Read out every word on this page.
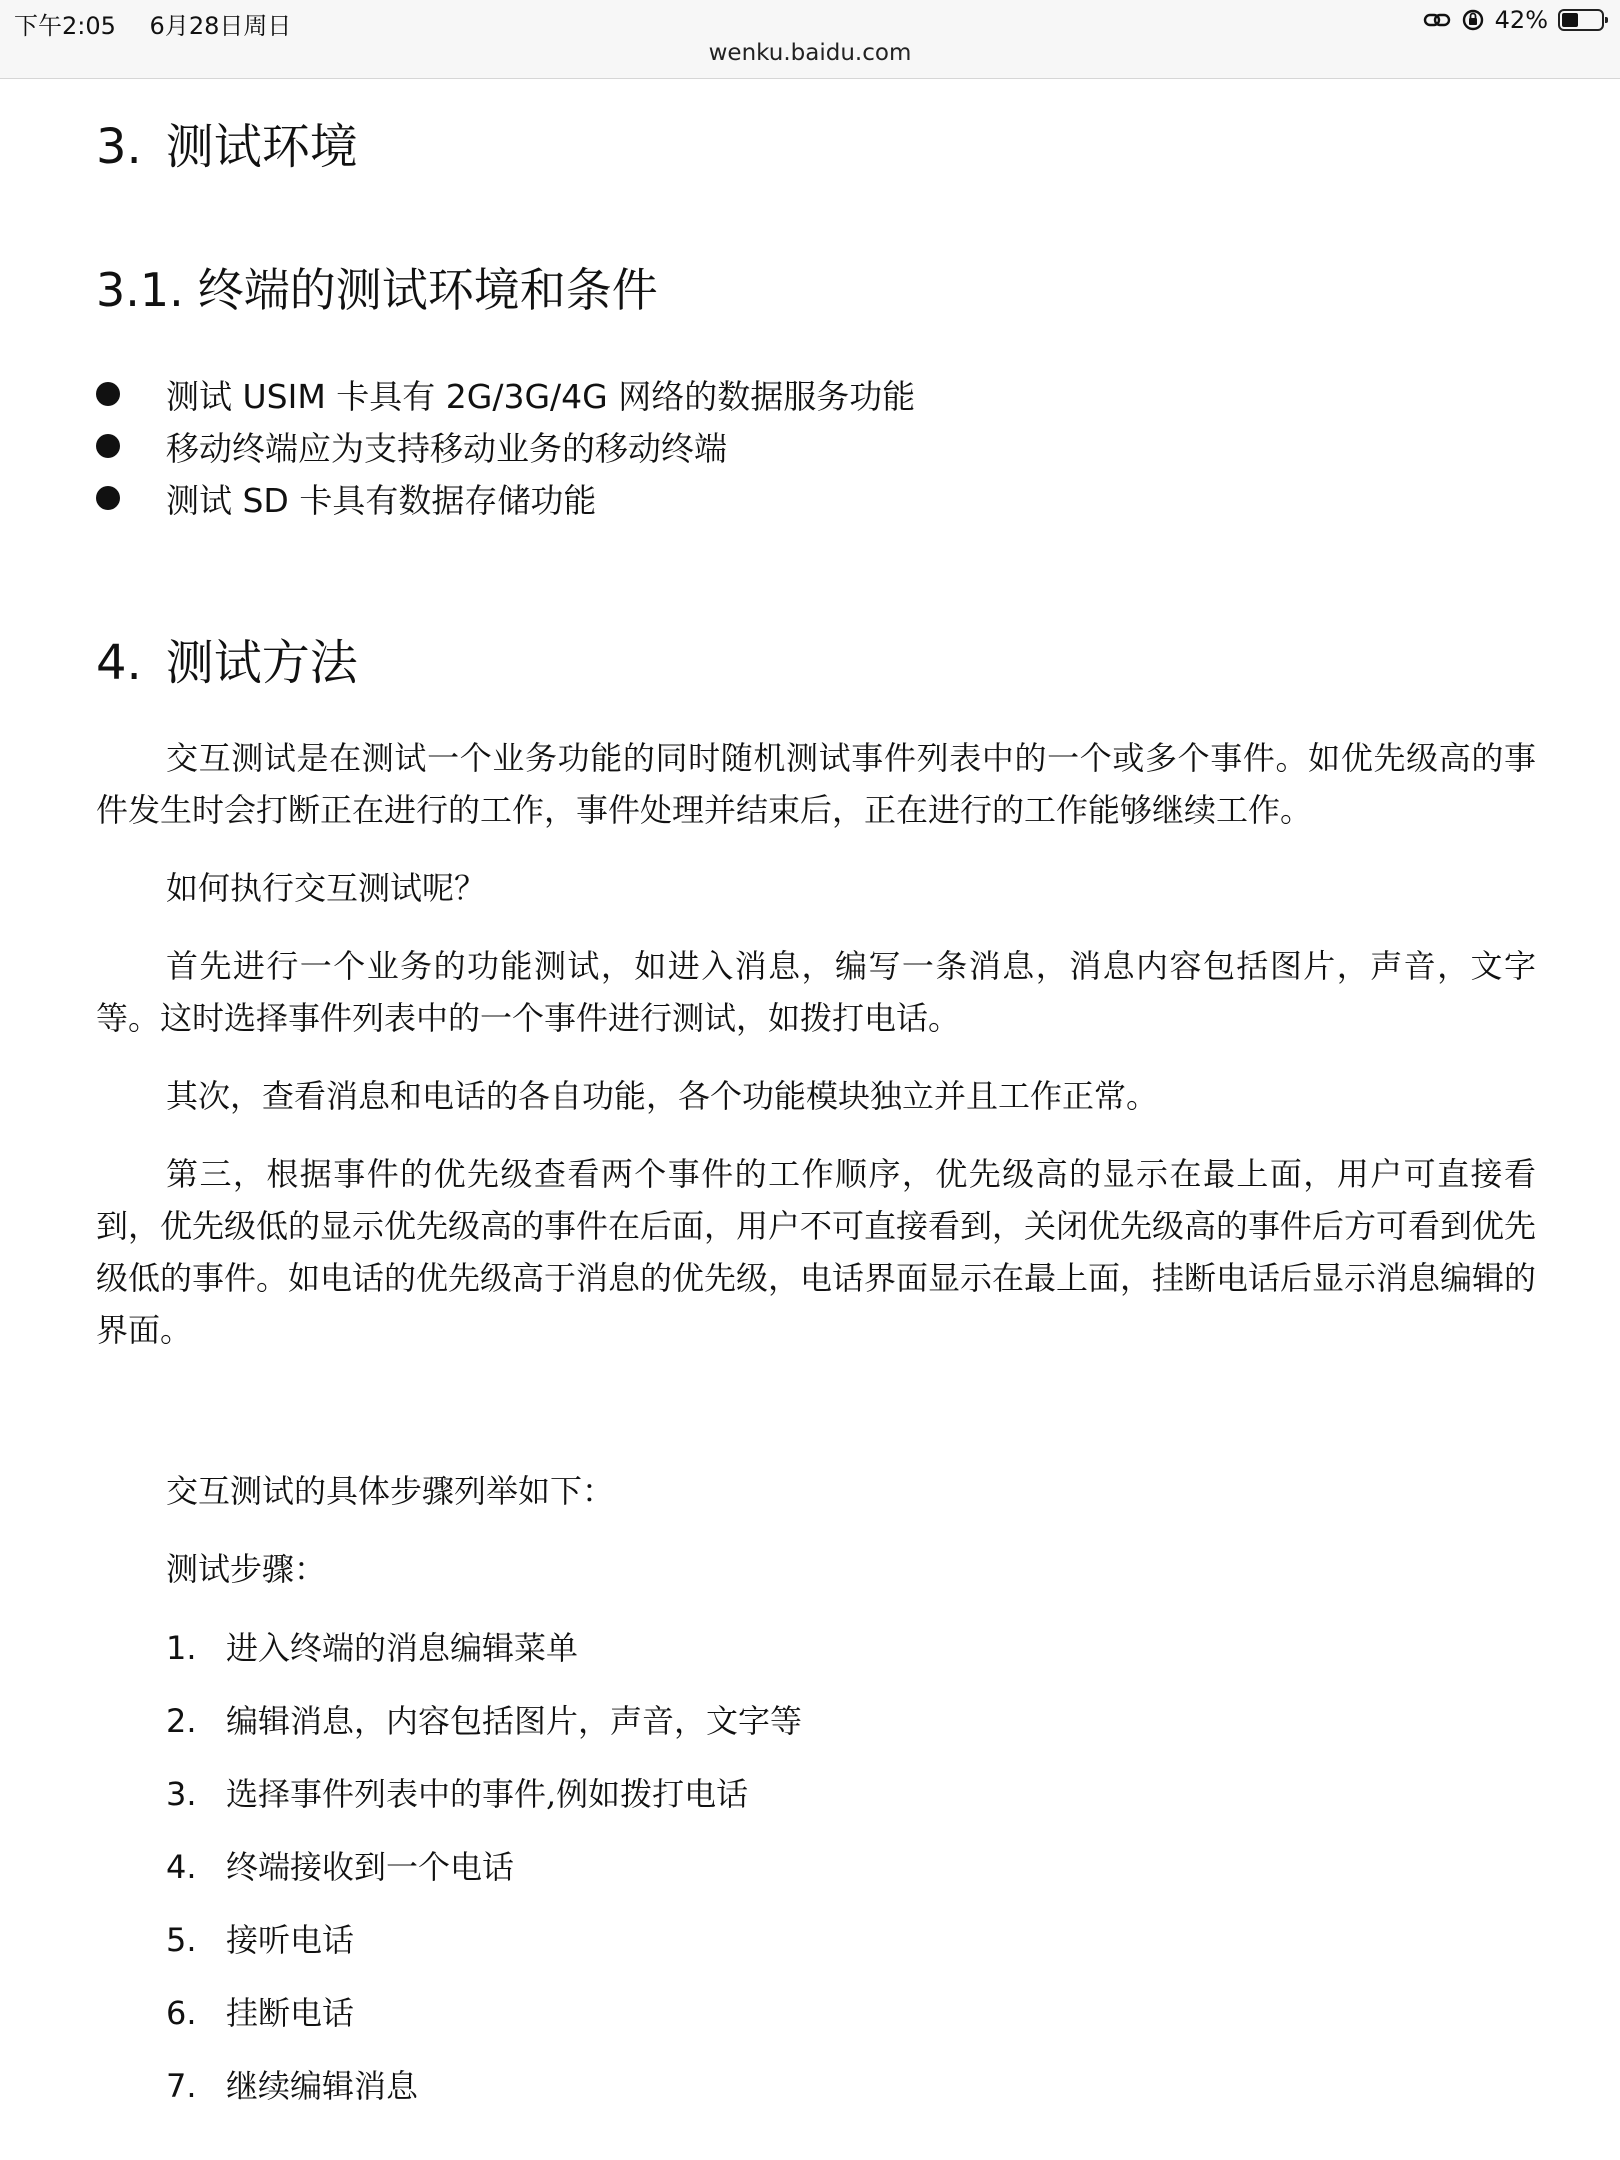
下午2:05 6月28日周日	42%
wenku.baidu.com
3. 测试环境
3.1. 终端的测试环境和条件
测试 USIM 卡具有 2G/3G/4G 网络的数据服务功能
移动终端应为支持移动业务的移动终端
测试 SD 卡具有数据存储功能
4. 测试方法

交互测试是在测试一个业务功能的同时随机测试事件列表中的一个或多个事件。如优先级高的事件发生时会打断正在进行的工作，事件处理并结束后，正在进行的工作能够继续工作。

如何执行交互测试呢？

首先进行一个业务的功能测试，如进入消息，编写一条消息，消息内容包括图片，声音，文字等。这时选择事件列表中的一个事件进行测试，如拨打电话。

其次，查看消息和电话的各自功能，各个功能模块独立并且工作正常。

第三，根据事件的优先级查看两个事件的工作顺序，优先级高的显示在最上面，用户可直接看到，优先级低的显示优先级高的事件在后面，用户不可直接看到，关闭优先级高的事件后方可看到优先级低的事件。如电话的优先级高于消息的优先级，电话界面显示在最上面，挂断电话后显示消息编辑的界面。

交互测试的具体步骤列举如下：
测试步骤：
1. 进入终端的消息编辑菜单
2. 编辑消息，内容包括图片，声音，文字等
3. 选择事件列表中的事件,例如拨打电话
4. 终端接收到一个电话
5. 接听电话
6. 挂断电话
7. 继续编辑消息
